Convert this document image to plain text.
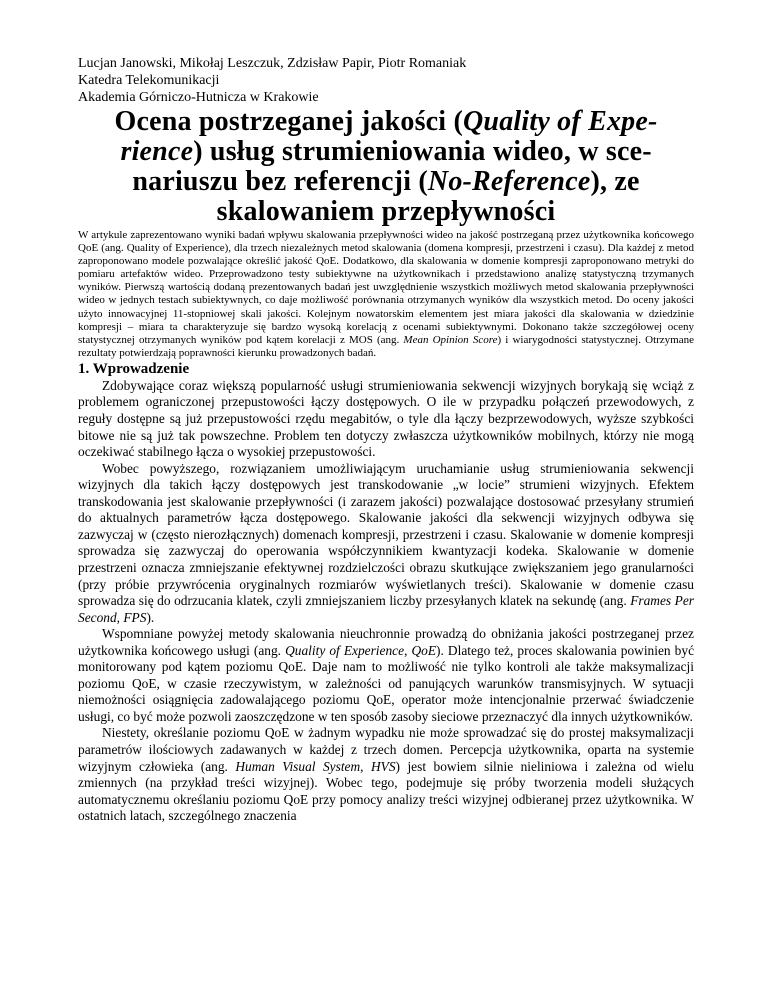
Lucjan Janowski, Mikołaj Leszczuk, Zdzisław Papir, Piotr Romaniak
Katedra Telekomunikacji
Akademia Górniczo-Hutnicza w Krakowie
Ocena postrzeganej jakości (Quality of Expe-rience) usług strumieniowania wideo, w scenariuszu bez referencji (No-Reference), ze skalowaniem przepływności

W artykule zaprezentowano wyniki badań wpływu skalowania przepływności wideo na jakość postrzeganą przez użytkownika końcowego QoE (ang. Quality of Experience), dla trzech niezależnych metod skalowania (domena kompresji, przestrzeni i czasu). Dla każdej z metod zaproponowano modele pozwalające określić jakość QoE. Dodatkowo, dla skalowania w domenie kompresji zaproponowano metryki do pomiaru artefaktów wideo. Przeprowadzono testy subiektywne na użytkownikach i przedstawiono analizę statystyczną trzymanych wyników. Pierwszą wartością dodaną prezentowanych badań jest uwzględnienie wszystkich możliwych metod skalowania przepływności wideo w jednych testach subiektywnych, co daje możliwość porównania otrzymanych wyników dla wszystkich metod. Do oceny jakości użyto innowacyjnej 11-stopniowej skali jakości. Kolejnym nowatorskim elementem jest miara jakości dla skalowania w dziedzinie kompresji – miara ta charakteryzuje się bardzo wysoką korelacją z ocenami subiektywnymi. Dokonano także szczegółowej oceny statystycznej otrzymanych wyników pod kątem korelacji z MOS (ang. Mean Opinion Score) i wiarygodności statystycznej. Otrzymane rezultaty potwierdzają poprawności kierunku prowadzonych badań.

1. Wprowadzenie

Zdobywające coraz większą popularność usługi strumieniowania sekwencji wizyjnych borykają się wciąż z problemem ograniczonej przepustowości łączy dostępowych. O ile w przypadku połączeń przewodowych, z reguły dostępne są już przepustowości rzędu megabitów, o tyle dla łączy bezprzewodowych, wyższe szybkości bitowe nie są już tak powszechne. Problem ten dotyczy zwłaszcza użytkowników mobilnych, którzy nie mogą oczekiwać stabilnego łącza o wysokiej przepustowości.

Wobec powyższego, rozwiązaniem umożliwiającym uruchamianie usług strumieniowania sekwencji wizyjnych dla takich łączy dostępowych jest transkodowanie „w locie” strumieni wizyjnych. Efektem transkodowania jest skalowanie przepływności (i zarazem jakości) pozwalające dostosować przesyłany strumień do aktualnych parametrów łącza dostępowego. Skalowanie jakości dla sekwencji wizyjnych odbywa się zazwyczaj w (często nierozłącznych) domenach kompresji, przestrzeni i czasu. Skalowanie w domenie kompresji sprowadza się zazwyczaj do operowania współczynnikiem kwantyzacji kodeka. Skalowanie w domenie przestrzeni oznacza zmniejszanie efektywnej rozdzielczości obrazu skutkujące zwiększaniem jego granularności (przy próbie przywrócenia oryginalnych rozmiarów wyświetlanych treści). Skalowanie w domenie czasu sprowadza się do odrzucania klatek, czyli zmniejszaniem liczby przesyłanych klatek na sekundę (ang. Frames Per Second, FPS).

Wspomniane powyżej metody skalowania nieuchronnie prowadzą do obniżania jakości postrzeganej przez użytkownika końcowego usługi (ang. Quality of Experience, QoE). Dlatego też, proces skalowania powinien być monitorowany pod kątem poziomu QoE. Daje nam to możliwość nie tylko kontroli ale także maksymalizacji poziomu QoE, w czasie rzeczywistym, w zależności od panujących warunków transmisyjnych. W sytuacji niemożności osiągnięcia zadowalającego poziomu QoE, operator może intencjonalnie przerwać świadczenie usługi, co być może pozwoli zaoszczędzone w ten sposób zasoby sieciowe przeznaczyć dla innych użytkowników.

Niestety, określanie poziomu QoE w żadnym wypadku nie może sprowadzać się do prostej maksymalizacji parametrów ilościowych zadawanych w każdej z trzech domen. Percepcja użytkownika, oparta na systemie wizyjnym człowieka (ang. Human Visual System, HVS) jest bowiem silnie nieliniowa i zależna od wielu zmiennych (na przykład treści wizyjnej). Wobec tego, podejmuje się próby tworzenia modeli służących automatycznemu określaniu poziomu QoE przy pomocy analizy treści wizyjnej odbieranej przez użytkownika. W ostatnich latach, szczególnego znaczenia
